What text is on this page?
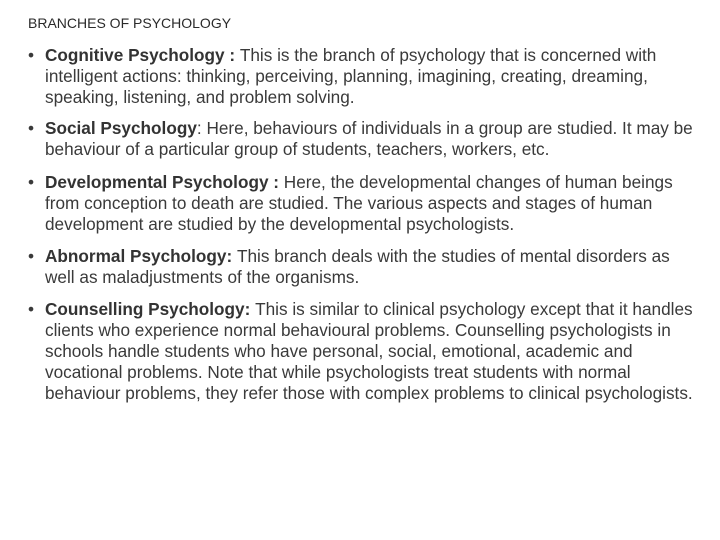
BRANCHES OF PSYCHOLOGY
• Cognitive Psychology : This is the branch of psychology that is concerned with intelligent actions: thinking, perceiving, planning, imagining, creating, dreaming, speaking, listening, and problem solving.
• Social Psychology: Here, behaviours of individuals in a group are studied. It may be behaviour of a particular group of students, teachers, workers, etc.
• Developmental Psychology : Here, the developmental changes of human beings from conception to death are studied. The various aspects and stages of human development are studied by the developmental psychologists.
• Abnormal Psychology: This branch deals with the studies of mental disorders as well as maladjustments of the organisms.
• Counselling Psychology: This is similar to clinical psychology except that it handles clients who experience normal behavioural problems. Counselling psychologists in schools handle students who have personal, social, emotional, academic and vocational problems. Note that while psychologists treat students with normal behaviour problems, they refer those with complex problems to clinical psychologists.
